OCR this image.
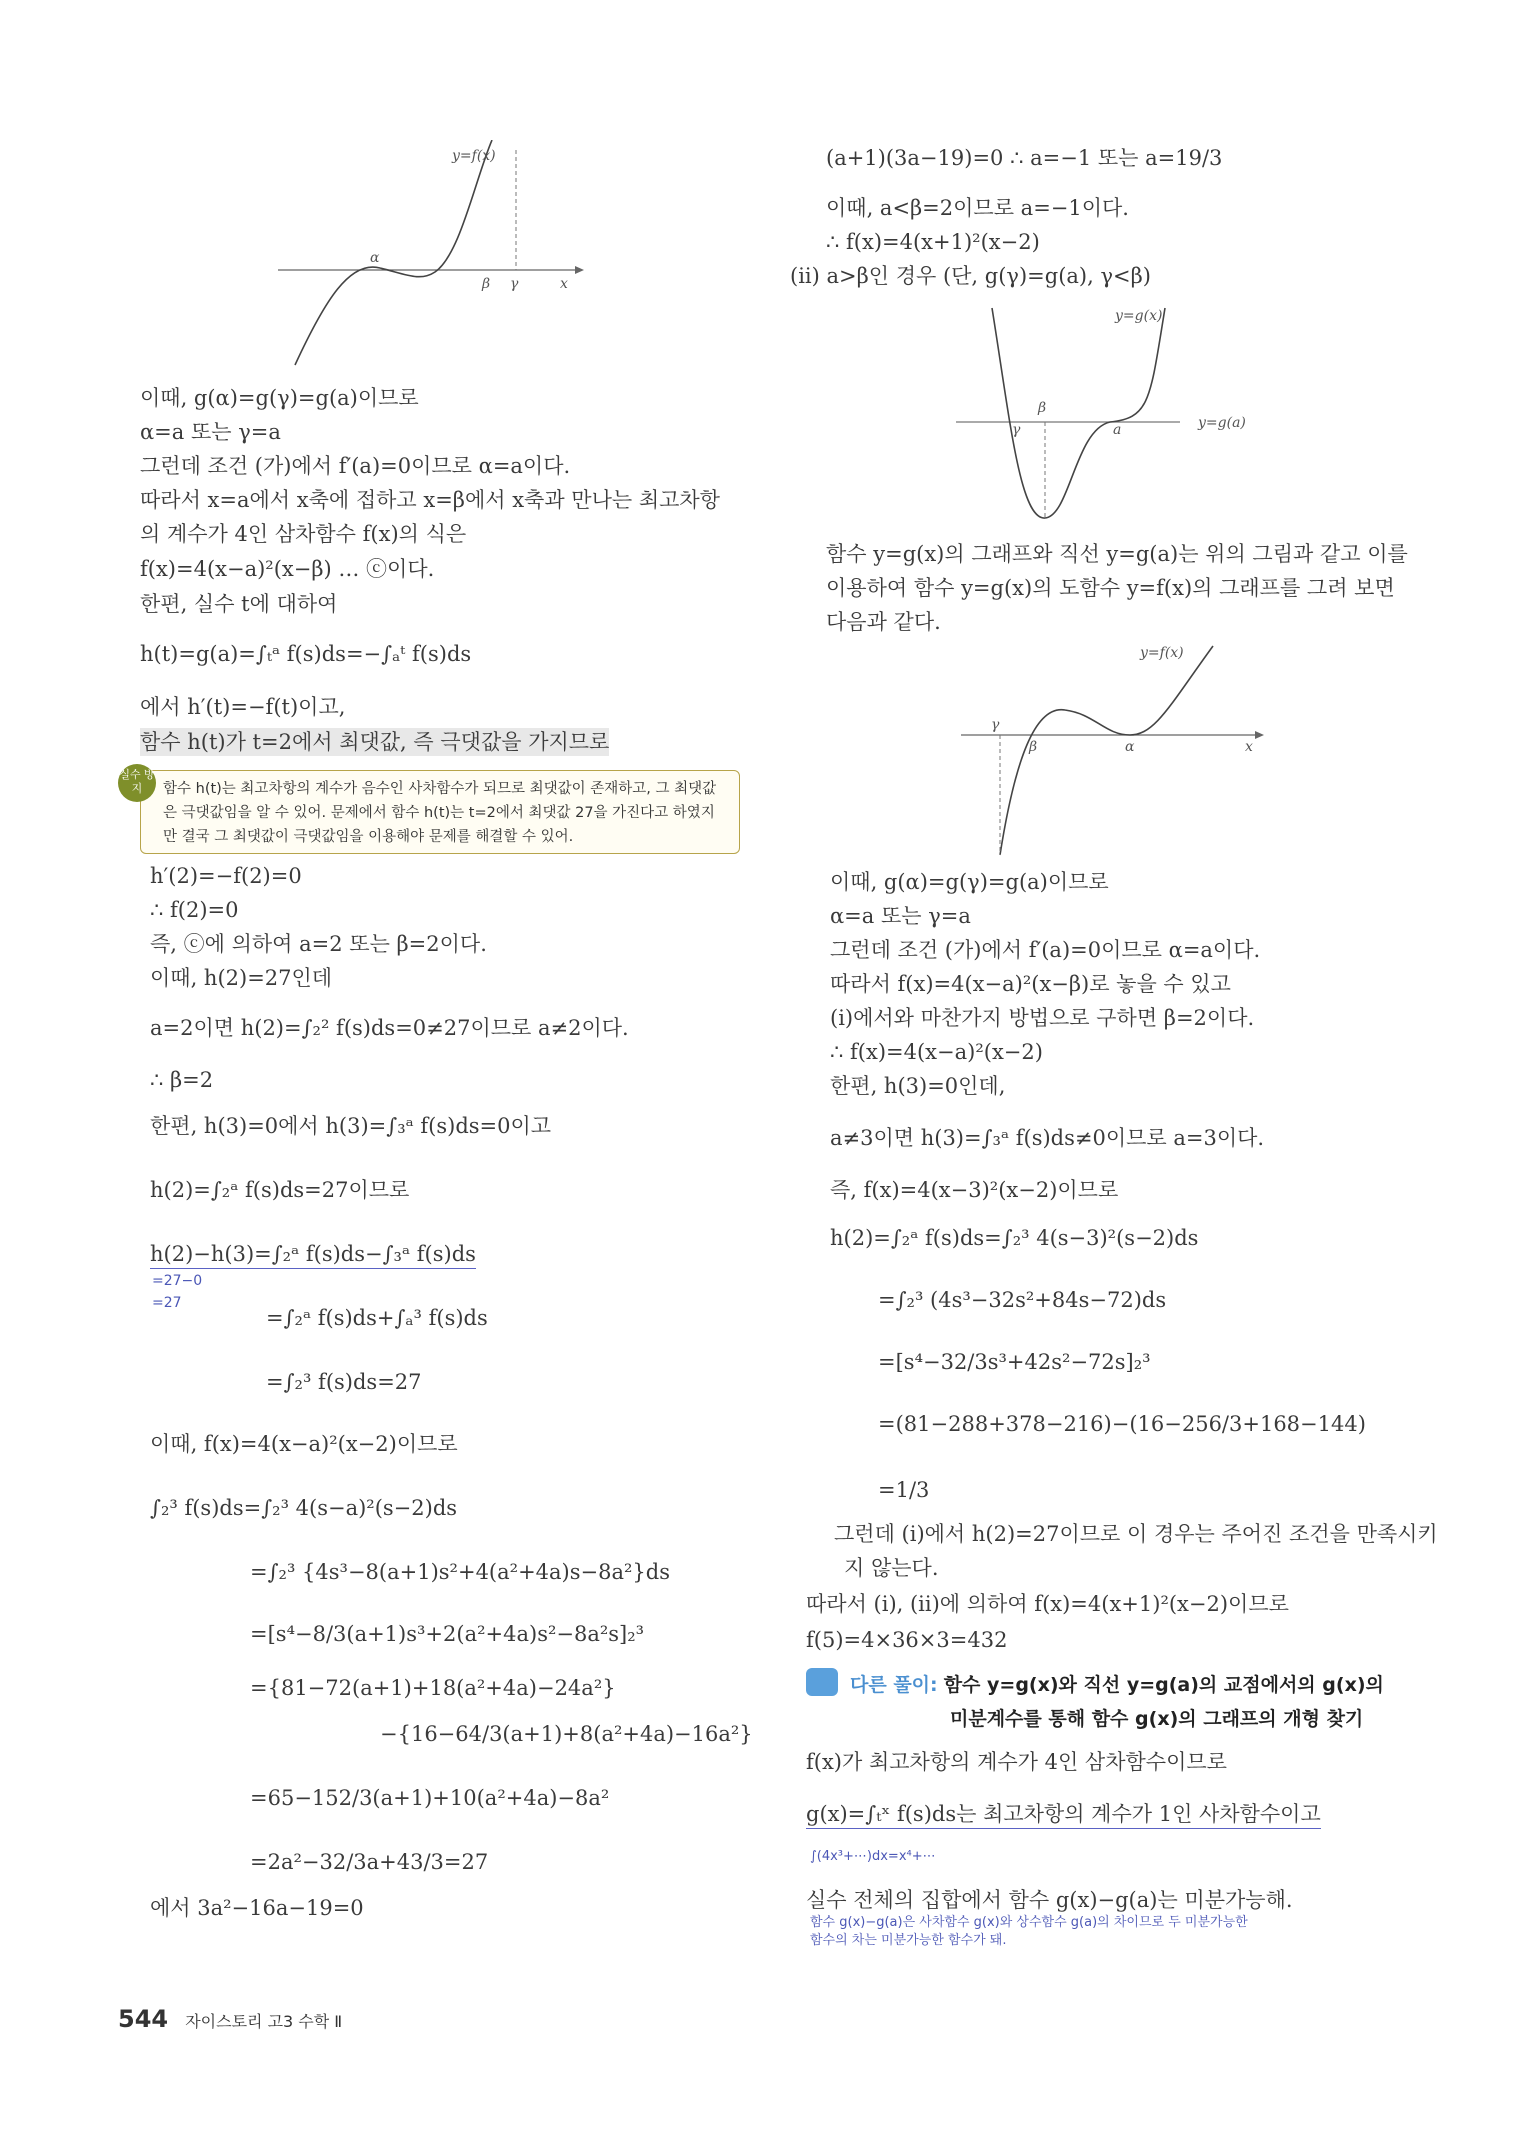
y=f(x)
α
β γ	x
이때, g(α)=g(γ)=g(a)이므로
α=a 또는 γ=a
그런데 조건 (가)에서 f′(a)=0이므로 α=a이다.
따라서 x=a에서 x축에 접하고 x=β에서 x축과 만나는 최고차항
의 계수가 4인 삼차함수 f(x)의 식은
f(x)=4(x−a)²(x−β) … ⓒ이다.
한편, 실수 t에 대하여
h(t)=g(a)=∫ₜᵃ f(s)ds=−∫ₐᵗ f(s)ds
에서 h′(t)=−f(t)이고,
함수 h(t)가 t=2에서 최댓값, 즉 극댓값을 가지므로
함수 h(t)는 최고차항의 계수가 음수인 사차함수가 되므로 최댓값이 존재하고, 그 최댓값
은 극댓값임을 알 수 있어. 문제에서 함수 h(t)는 t=2에서 최댓값 27을 가진다고 하였지
만 결국 그 최댓값이 극댓값임을 이용해야 문제를 해결할 수 있어.
실수 방지
h′(2)=−f(2)=0
∴ f(2)=0
즉, ⓒ에 의하여 a=2 또는 β=2이다.
이때, h(2)=27인데
a=2이면 h(2)=∫₂² f(s)ds=0≠27이므로 a≠2이다.
∴ β=2
한편, h(3)=0에서 h(3)=∫₃ᵃ f(s)ds=0이고
h(2)=∫₂ᵃ f(s)ds=27이므로
h(2)−h(3)=∫₂ᵃ f(s)ds−∫₃ᵃ f(s)ds
=∫₂ᵃ f(s)ds+∫ₐ³ f(s)ds
=∫₂³ f(s)ds=27
이때, f(x)=4(x−a)²(x−2)이므로
∫₂³ f(s)ds=∫₂³ 4(s−a)²(s−2)ds
=∫₂³ {4s³−8(a+1)s²+4(a²+4a)s−8a²}ds
=[s⁴−8/3(a+1)s³+2(a²+4a)s²−8a²s]₂³
={81−72(a+1)+18(a²+4a)−24a²}
−{16−64/3(a+1)+8(a²+4a)−16a²}
=65−152/3(a+1)+10(a²+4a)−8a²
=2a²−32/3a+43/3=27
에서 3a²−16a−19=0
=27−0
=27
(a+1)(3a−19)=0 ∴ a=−1 또는 a=19/3
이때, a<β=2이므로 a=−1이다.
∴ f(x)=4(x+1)²(x−2)
(ii) a>β인 경우 (단, g(γ)=g(a), γ<β)
y=g(x)
y=g(a)
β
γ	a
함수 y=g(x)의 그래프와 직선 y=g(a)는 위의 그림과 같고 이를
이용하여 함수 y=g(x)의 도함수 y=f(x)의 그래프를 그려 보면
다음과 같다.
y=f(x)
γ
β	α	x
이때, g(α)=g(γ)=g(a)이므로
α=a 또는 γ=a
그런데 조건 (가)에서 f′(a)=0이므로 α=a이다.
따라서 f(x)=4(x−a)²(x−β)로 놓을 수 있고
(i)에서와 마찬가지 방법으로 구하면 β=2이다.
∴ f(x)=4(x−a)²(x−2)
한편, h(3)=0인데,
a≠3이면 h(3)=∫₃ᵃ f(s)ds≠0이므로 a=3이다.
즉, f(x)=4(x−3)²(x−2)이므로
h(2)=∫₂ᵃ f(s)ds=∫₂³ 4(s−3)²(s−2)ds
=∫₂³ (4s³−32s²+84s−72)ds
=[s⁴−32/3s³+42s²−72s]₂³
=(81−288+378−216)−(16−256/3+168−144)
=1/3
그런데 (i)에서 h(2)=27이므로 이 경우는 주어진 조건을 만족시키
지 않는다.
따라서 (i), (ii)에 의하여 f(x)=4(x+1)²(x−2)이므로
f(5)=4×36×3=432
다른 풀이: 함수 y=g(x)와 직선 y=g(a)의 교점에서의 g(x)의
미분계수를 통해 함수 g(x)의 그래프의 개형 찾기
f(x)가 최고차항의 계수가 4인 삼차함수이므로
g(x)=∫ₜˣ f(s)ds는 최고차항의 계수가 1인 사차함수이고
실수 전체의 집합에서 함수 g(x)−g(a)는 미분가능해.
∫(4x³+⋯)dx=x⁴+⋯
함수 g(x)−g(a)은 사차함수 g(x)와 상수함수 g(a)의 차이므로 두 미분가능한
함수의 차는 미분가능한 함수가 돼.
544 자이스토리 고3 수학 Ⅱ
